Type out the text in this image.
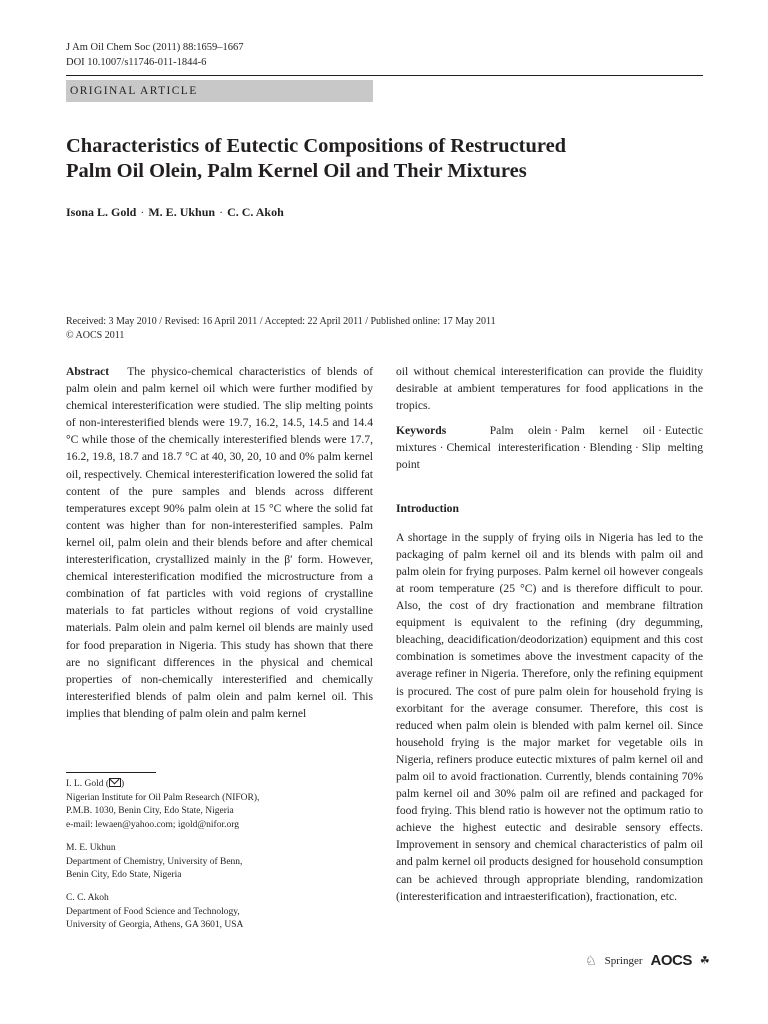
J Am Oil Chem Soc (2011) 88:1659–1667
DOI 10.1007/s11746-011-1844-6
ORIGINAL ARTICLE
Characteristics of Eutectic Compositions of Restructured
Palm Oil Olein, Palm Kernel Oil and Their Mixtures
Isona L. Gold · M. E. Ukhun · C. C. Akoh
Received: 3 May 2010 / Revised: 16 April 2011 / Accepted: 22 April 2011 / Published online: 17 May 2011
© AOCS 2011

Abstract The physico-chemical characteristics of blends of palm olein and palm kernel oil which were further modified by chemical interesterification were studied. The slip melting points of non-interesterified blends were 19.7, 16.2, 14.5, 14.5 and 14.4 °C while those of the chemically interesterified blends were 17.7, 16.2, 19.8, 18.7 and 18.7 °C at 40, 30, 20, 10 and 0% palm kernel oil, respectively. Chemical interesterification lowered the solid fat content of the pure samples and blends across different temperatures except 90% palm olein at 15 °C where the solid fat content was higher than for non-interesterified samples. Palm kernel oil, palm olein and their blends before and after chemical interesterification, crystallized mainly in the β′ form. However, chemical interesterification modified the microstructure from a combination of fat particles with void regions of crystalline materials to fat particles without regions of void crystalline materials. Palm olein and palm kernel oil blends are mainly used for food preparation in Nigeria. This study has shown that there are no significant differences in the physical and chemical properties of non-chemically interesterified and chemically interesterified blends of palm olein and palm kernel oil. This implies that blending of palm olein and palm kernel

I. L. Gold ( )

Nigerian Institute for Oil Palm Research (NIFOR),

P.M.B. 1030, Benin City, Edo State, Nigeria

e-mail: lewaen@yahoo.com; igold@nifor.org

M. E. Ukhun

Department of Chemistry, University of Benn,

Benin City, Edo State, Nigeria

C. C. Akoh

Department of Food Science and Technology,

University of Georgia, Athens, GA 3601, USA

oil without chemical interesterification can provide the fluidity desirable at ambient temperatures for food applications in the tropics.

Keywords	Palm olein · Palm kernel oil · Eutectic mixtures · Chemical interesterification · Blending · Slip melting point

Introduction

A shortage in the supply of frying oils in Nigeria has led to the packaging of palm kernel oil and its blends with palm oil and palm olein for frying purposes. Palm kernel oil however congeals at room temperature (25 °C) and is therefore difficult to pour. Also, the cost of dry fractionation and membrane filtration equipment is equivalent to the refining (dry degumming, bleaching, deacidification/deodorization) equipment and this cost combination is sometimes above the investment capacity of the average refiner in Nigeria. Therefore, only the refining equipment is procured. The cost of pure palm olein for household frying is exorbitant for the average consumer. Therefore, this cost is reduced when palm olein is blended with palm kernel oil. Since household frying is the major market for vegetable oils in Nigeria, refiners produce eutectic mixtures of palm kernel oil and palm oil to avoid fractionation. Currently, blends containing 70% palm kernel oil and 30% palm oil are refined and packaged for food frying. This blend ratio is however not the optimum ratio to achieve the highest eutectic and desirable sensory effects. Improvement in sensory and chemical characteristics of palm oil and palm kernel oil products designed for household consumption can be achieved through appropriate blending, randomization (interesterification and intraesterification), fractionation, etc.

♘ Springer AOCS ☘
